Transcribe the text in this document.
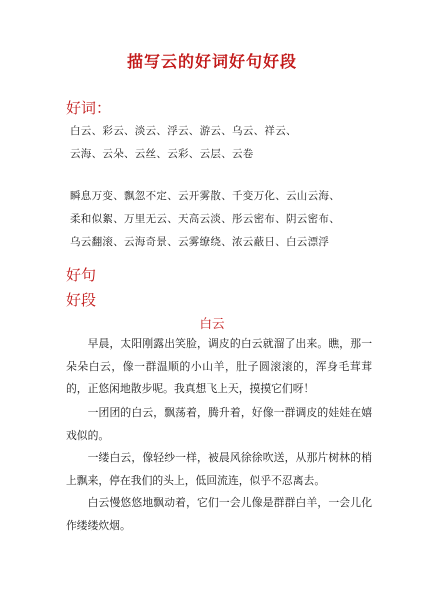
描写云的好词好句好段
好词：
白云、彩云、淡云、浮云、游云、乌云、祥云、
云海、云朵、云丝、云彩、云层、云卷
瞬息万变、飘忽不定、云开雾散、千变万化、云山云海、
柔和似絮、万里无云、天高云淡、彤云密布、阴云密布、
乌云翻滚、云海奇景、云雾缭绕、浓云蔽日、白云漂浮
好句
好段
白云

早晨，太阳刚露出笑脸，调皮的白云就溜了出来。瞧，那一朵朵白云，像一群温顺的小山羊，肚子圆滚滚的，浑身毛茸茸的，正悠闲地散步呢。我真想飞上天，摸摸它们呀！

一团团的白云，飘荡着，腾升着，好像一群调皮的娃娃在嬉戏似的。

一缕白云，像轻纱一样，被晨风徐徐吹送，从那片树林的梢上飘来，停在我们的头上，低回流连，似乎不忍离去。

白云慢悠悠地飘动着，它们一会儿像是群群白羊，一会儿化作缕缕炊烟。
